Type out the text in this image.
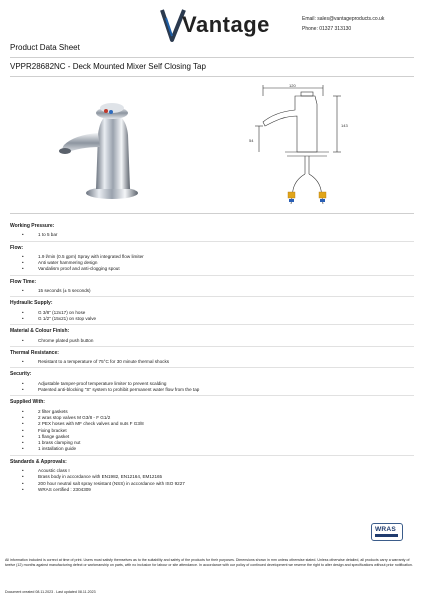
Vantage	Email: sales@vantageproducts.co.uk
Phone: 01327 313130
Product Data Sheet
VPPR28682NC - Deck Mounted Mixer Self Closing Tap
120
54
143
Working Pressure:
• 1 to 5 bar
Flow:
• 1.9 l/min (0.5 gpm) Spray with integrated flow limiter
• Anti water hammering design
• Vandalism proof and anti-clogging spout
Flow Time:
• 15 seconds (± 5 seconds)
Hydraulic Supply:
• G 3/8" (12x17) on hose
• G 1/2" (15x21) on stop valve
Material & Colour Finish:
• Chrome plated push button
Thermal Resistance:
• Resistant to a temperature of 75°C for 30 minute thermal shocks
Security:
• Adjustable tamper-proof temperature limiter to prevent scalding
• Patented anti-blocking "S" system to prohibit permanent water flow from the tap
Supplied With:
• 2 filter gaskets
• 2 wras stop valves M G3/8 - F G1/2
• 2 PEX hoses with MF check valves and nuts F G3/8
• Fixing bracket
• 1 flange gasket
• 1 brass clamping nut
• 1 installation guide
Standards & Approvals:
• Acoustic class I
• Brass body in accordance with EN1982, EN12164, EM12165
• 200 hour neutral salt spray resistant (NSS) in accordance with ISO 9227
• WRAS certified : 2304309
WRAS
All information included is correct at time of print. Users must satisfy themselves as to the suitability and safety of the products for their purposes. Dimensions shown in mm unless otherwise stated. Unless otherwise detailed, all products carry a warranty of twelve (12) months against manufacturing defect or workmanship on parts, with no inclusion for labour or site attendance. In accordance with our policy of continued development we reserve the right to alter design and specifications without prior notification.
Document created 08.11.2023 . Last updated 08.11.2023
